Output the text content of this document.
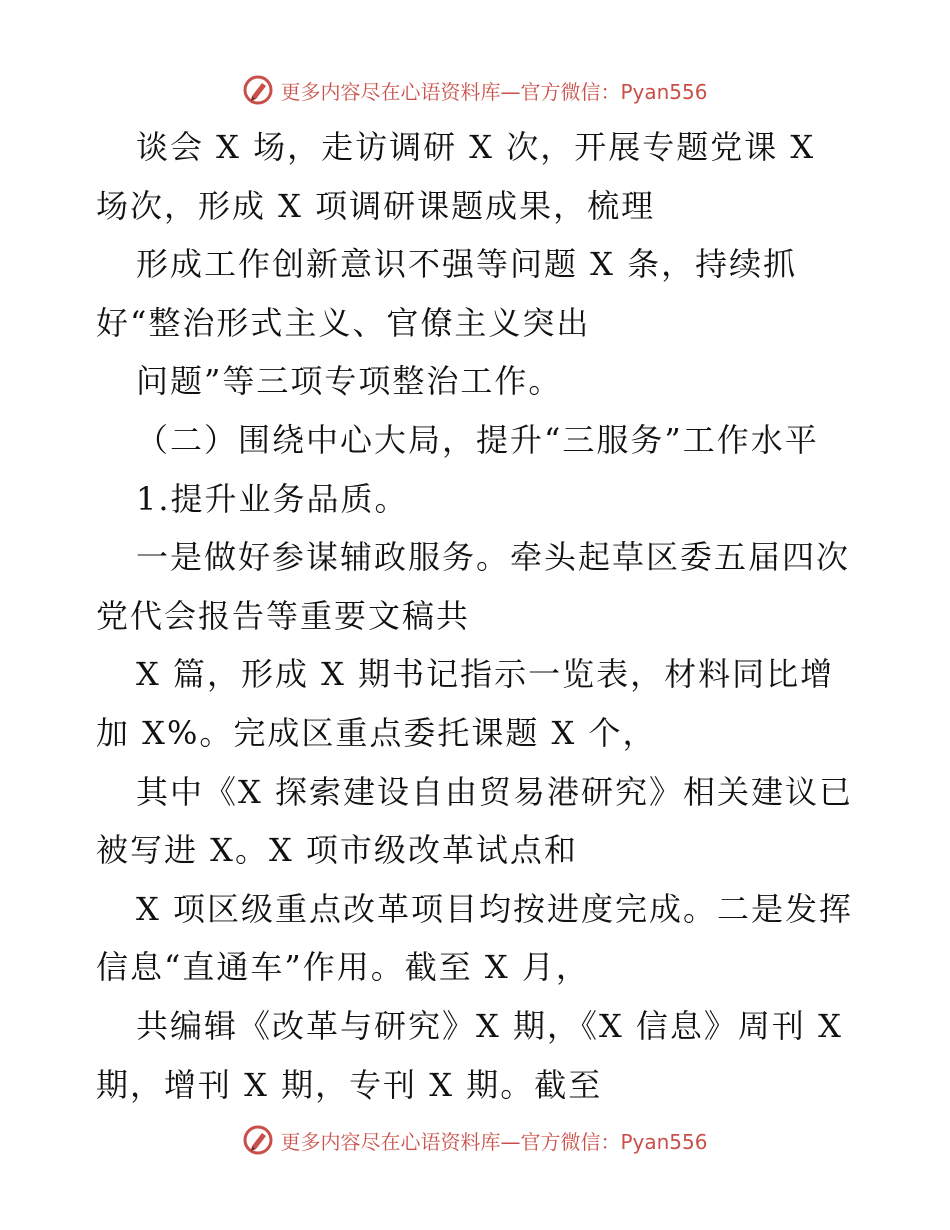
更多内容尽在心语资料库—官方微信：Pyan556
谈会 X 场，走访调研 X 次，开展专题党课 X
场次，形成 X 项调研课题成果，梳理
形成工作创新意识不强等问题 X 条，持续抓
好“整治形式主义、官僚主义突出
问题”等三项专项整治工作。
（二）围绕中心大局，提升“三服务”工作水平
1.提升业务品质。
一是做好参谋辅政服务。牵头起草区委五届四次
党代会报告等重要文稿共
X 篇，形成 X 期书记指示一览表，材料同比增
加 X%。完成区重点委托课题 X 个，
其中《X 探索建设自由贸易港研究》相关建议已
被写进 X。X 项市级改革试点和
X 项区级重点改革项目均按进度完成。二是发挥
信息“直通车”作用。截至 X 月，
共编辑《改革与研究》X 期，《X 信息》周刊 X
期，增刊 X 期，专刊 X 期。截至
更多内容尽在心语资料库—官方微信：Pyan556
